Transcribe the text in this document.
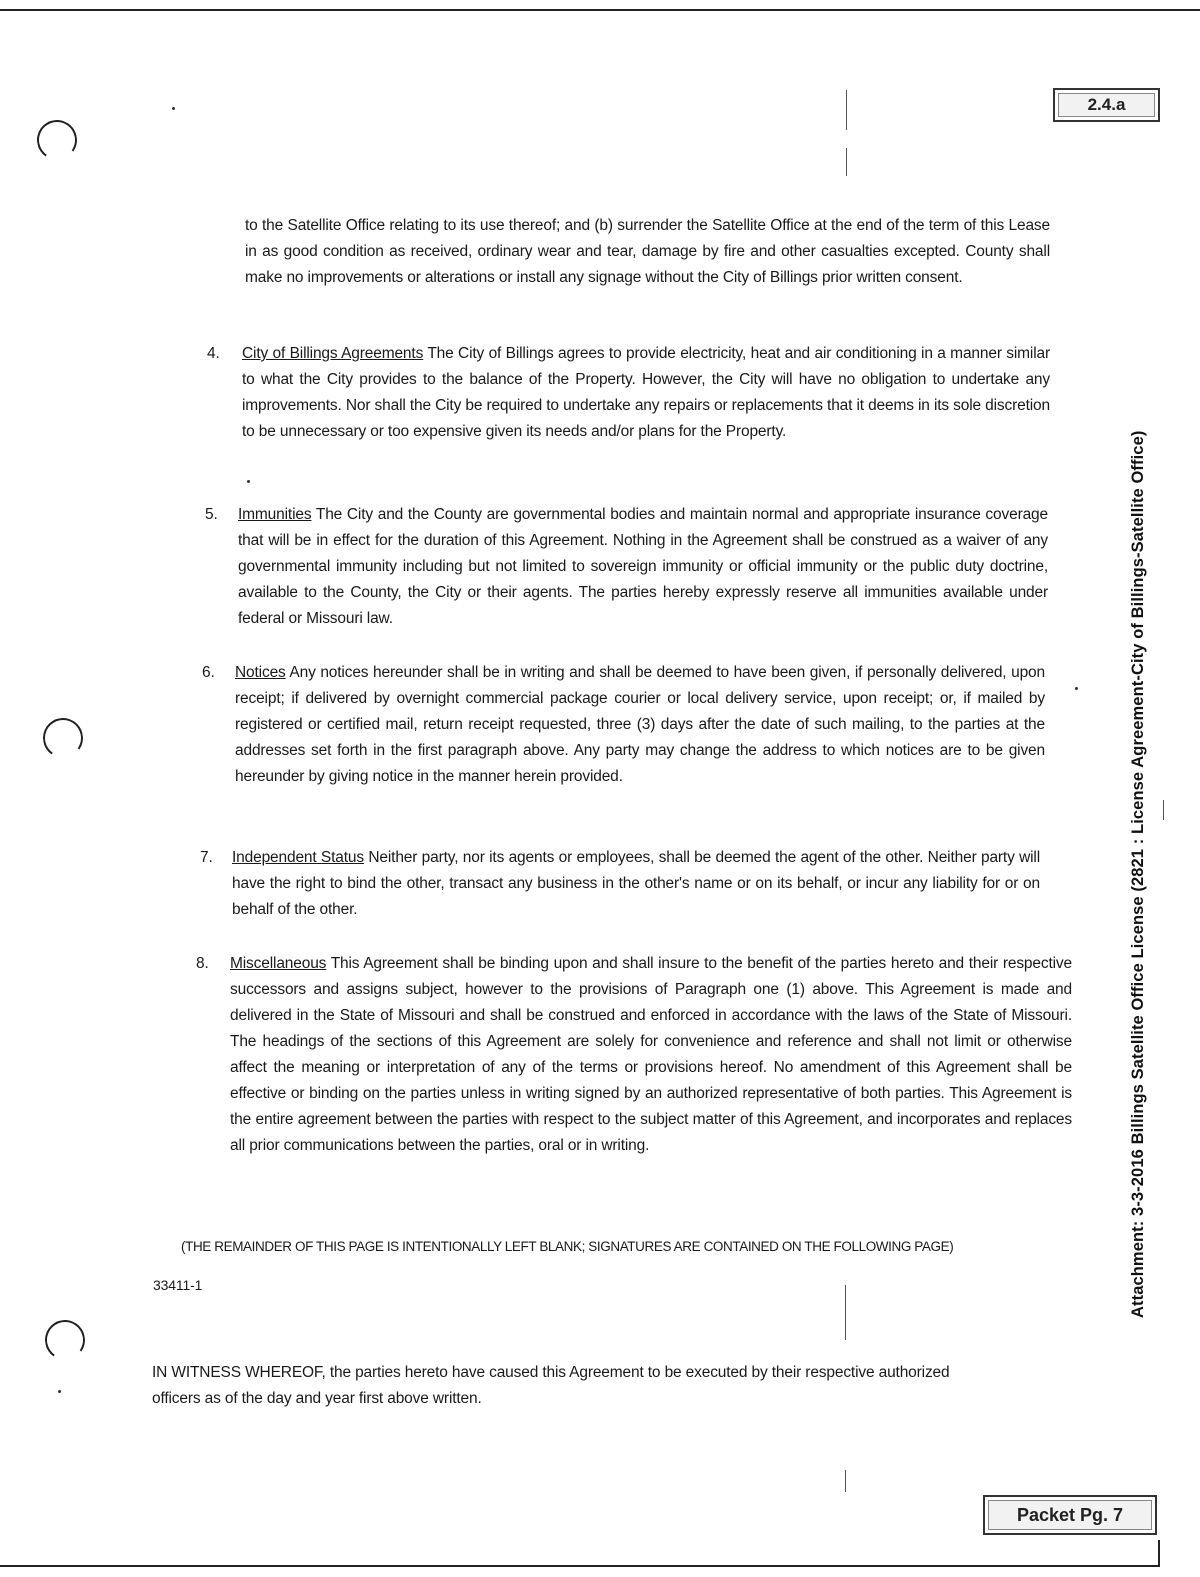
2.4.a
Packet Pg. 7
Attachment: 3-3-2016 Billings Satellite Office License (2821 : License Agreement-City of Billings-Satellite Office)

to the Satellite Office relating to its use thereof; and (b) surrender the Satellite Office at the end of the term of this Lease in as good condition as received, ordinary wear and tear, damage by fire and other casualties excepted. County shall make no improvements or alterations or install any signage without the City of Billings prior written consent.

4. City of Billings Agreements The City of Billings agrees to provide electricity, heat and air conditioning in a manner similar to what the City provides to the balance of the Property. However, the City will have no obligation to undertake any improvements. Nor shall the City be required to undertake any repairs or replacements that it deems in its sole discretion to be unnecessary or too expensive given its needs and/or plans for the Property.

5. Immunities The City and the County are governmental bodies and maintain normal and appropriate insurance coverage that will be in effect for the duration of this Agreement. Nothing in the Agreement shall be construed as a waiver of any governmental immunity including but not limited to sovereign immunity or official immunity or the public duty doctrine, available to the County, the City or their agents. The parties hereby expressly reserve all immunities available under federal or Missouri law.

6. Notices Any notices hereunder shall be in writing and shall be deemed to have been given, if personally delivered, upon receipt; if delivered by overnight commercial package courier or local delivery service, upon receipt; or, if mailed by registered or certified mail, return receipt requested, three (3) days after the date of such mailing, to the parties at the addresses set forth in the first paragraph above. Any party may change the address to which notices are to be given hereunder by giving notice in the manner herein provided.

7. Independent Status Neither party, nor its agents or employees, shall be deemed the agent of the other. Neither party will have the right to bind the other, transact any business in the other's name or on its behalf, or incur any liability for or on behalf of the other.

8. Miscellaneous This Agreement shall be binding upon and shall insure to the benefit of the parties hereto and their respective successors and assigns subject, however to the provisions of Paragraph one (1) above. This Agreement is made and delivered in the State of Missouri and shall be construed and enforced in accordance with the laws of the State of Missouri. The headings of the sections of this Agreement are solely for convenience and reference and shall not limit or otherwise affect the meaning or interpretation of any of the terms or provisions hereof. No amendment of this Agreement shall be effective or binding on the parties unless in writing signed by an authorized representative of both parties. This Agreement is the entire agreement between the parties with respect to the subject matter of this Agreement, and incorporates and replaces all prior communications between the parties, oral or in writing.

(THE REMAINDER OF THIS PAGE IS INTENTIONALLY LEFT BLANK; SIGNATURES ARE CONTAINED ON THE FOLLOWING PAGE)
33411-1

IN WITNESS WHEREOF, the parties hereto have caused this Agreement to be executed by their respective authorized officers as of the day and year first above written.
